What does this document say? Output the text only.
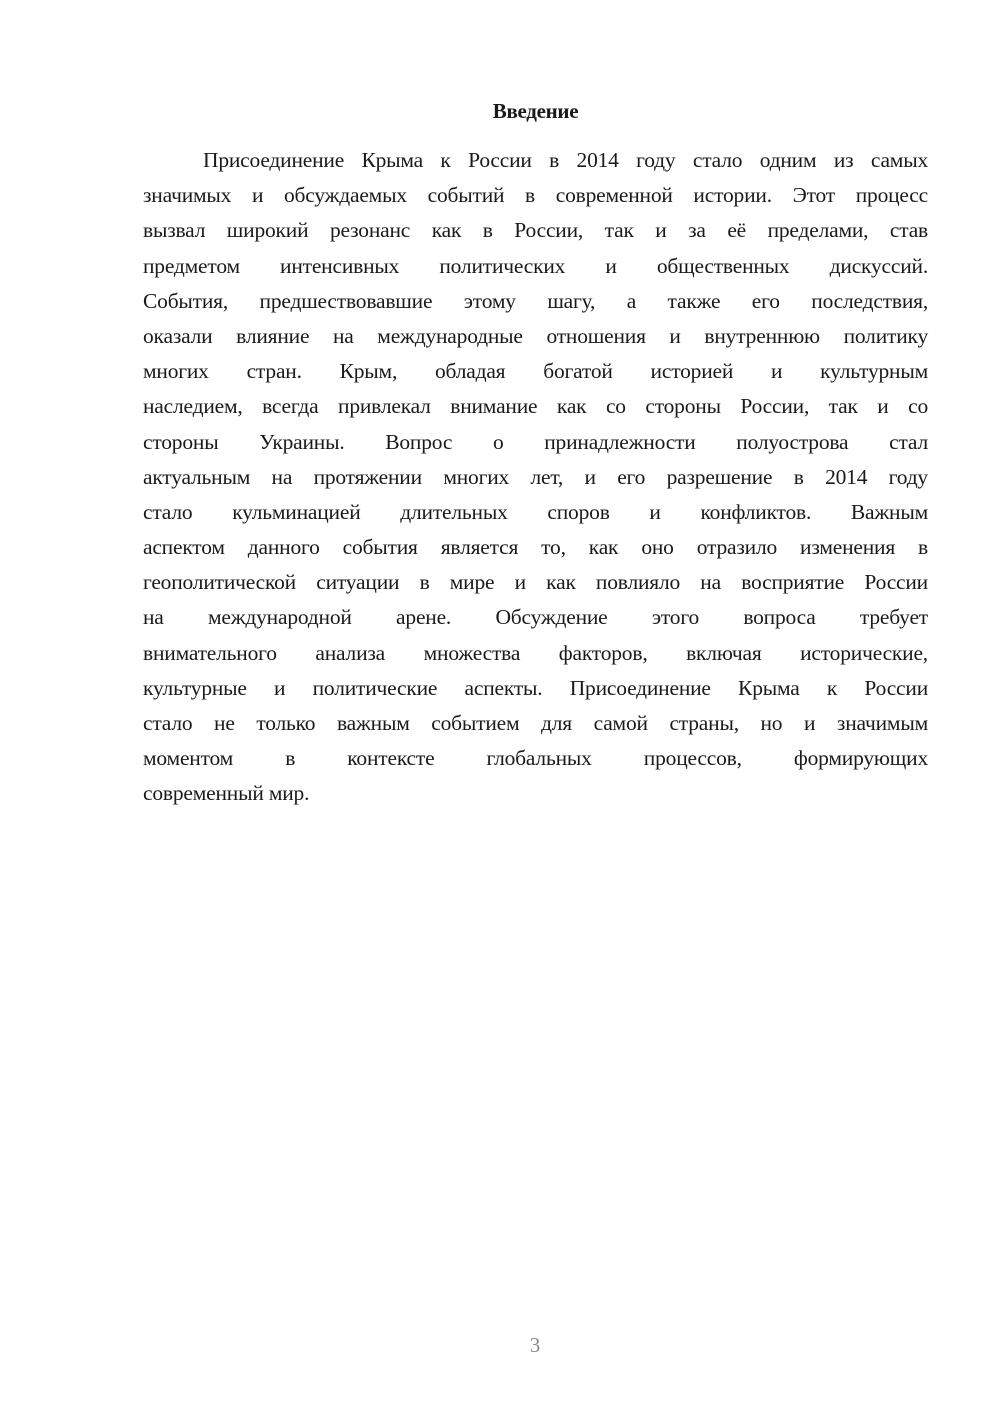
Введение
Присоединение Крыма к России в 2014 году стало одним из самых
значимых и обсуждаемых событий в современной истории. Этот процесс
вызвал широкий резонанс как в России, так и за её пределами, став
предметом интенсивных политических и общественных дискуссий.
События, предшествовавшие этому шагу, а также его последствия,
оказали влияние на международные отношения и внутреннюю политику
многих стран. Крым, обладая богатой историей и культурным
наследием, всегда привлекал внимание как со стороны России, так и со
стороны Украины. Вопрос о принадлежности полуострова стал
актуальным на протяжении многих лет, и его разрешение в 2014 году
стало кульминацией длительных споров и конфликтов. Важным
аспектом данного события является то, как оно отразило изменения в
геополитической ситуации в мире и как повлияло на восприятие России
на международной арене. Обсуждение этого вопроса требует
внимательного анализа множества факторов, включая исторические,
культурные и политические аспекты. Присоединение Крыма к России
стало не только важным событием для самой страны, но и значимым
моментом в контексте глобальных процессов, формирующих
современный мир.
3
